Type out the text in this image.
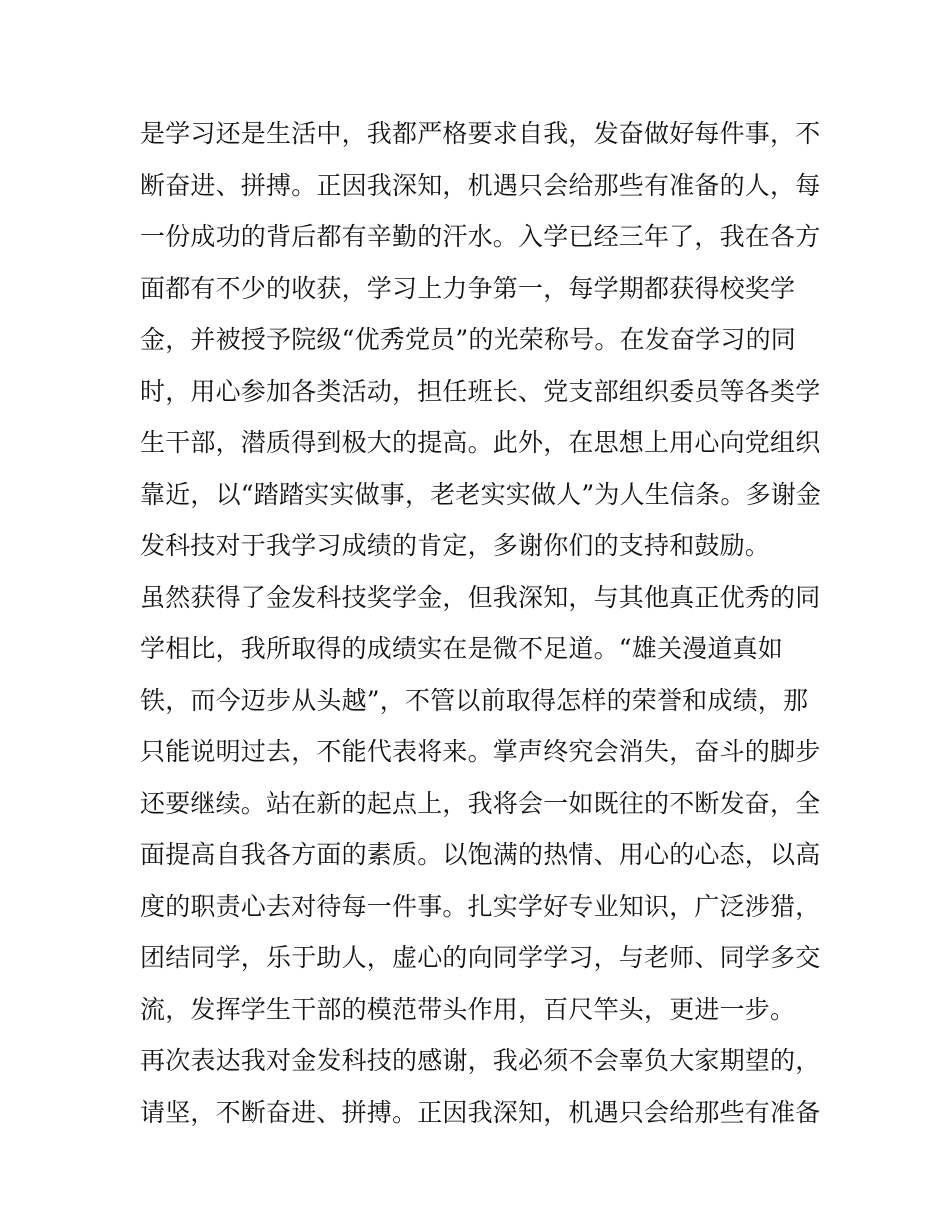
是学习还是生活中，我都严格要求自我，发奋做好每件事，不
断奋进、拼搏。正因我深知，机遇只会给那些有准备的人，每
一份成功的背后都有辛勤的汗水。入学已经三年了，我在各方
面都有不少的收获，学习上力争第一，每学期都获得校奖学
金，并被授予院级“优秀党员”的光荣称号。在发奋学习的同
时，用心参加各类活动，担任班长、党支部组织委员等各类学
生干部，潜质得到极大的提高。此外，在思想上用心向党组织
靠近，以“踏踏实实做事，老老实实做人”为人生信条。多谢金
发科技对于我学习成绩的肯定，多谢你们的支持和鼓励。
虽然获得了金发科技奖学金，但我深知，与其他真正优秀的同
学相比，我所取得的成绩实在是微不足道。“雄关漫道真如
铁，而今迈步从头越”，不管以前取得怎样的荣誉和成绩，那
只能说明过去，不能代表将来。掌声终究会消失，奋斗的脚步
还要继续。站在新的起点上，我将会一如既往的不断发奋，全
面提高自我各方面的素质。以饱满的热情、用心的心态，以高
度的职责心去对待每一件事。扎实学好专业知识，广泛涉猎，
团结同学，乐于助人，虚心的向同学学习，与老师、同学多交
流，发挥学生干部的模范带头作用，百尺竿头，更进一步。
再次表达我对金发科技的感谢，我必须不会辜负大家期望的，
请坚，不断奋进、拼搏。正因我深知，机遇只会给那些有准备
